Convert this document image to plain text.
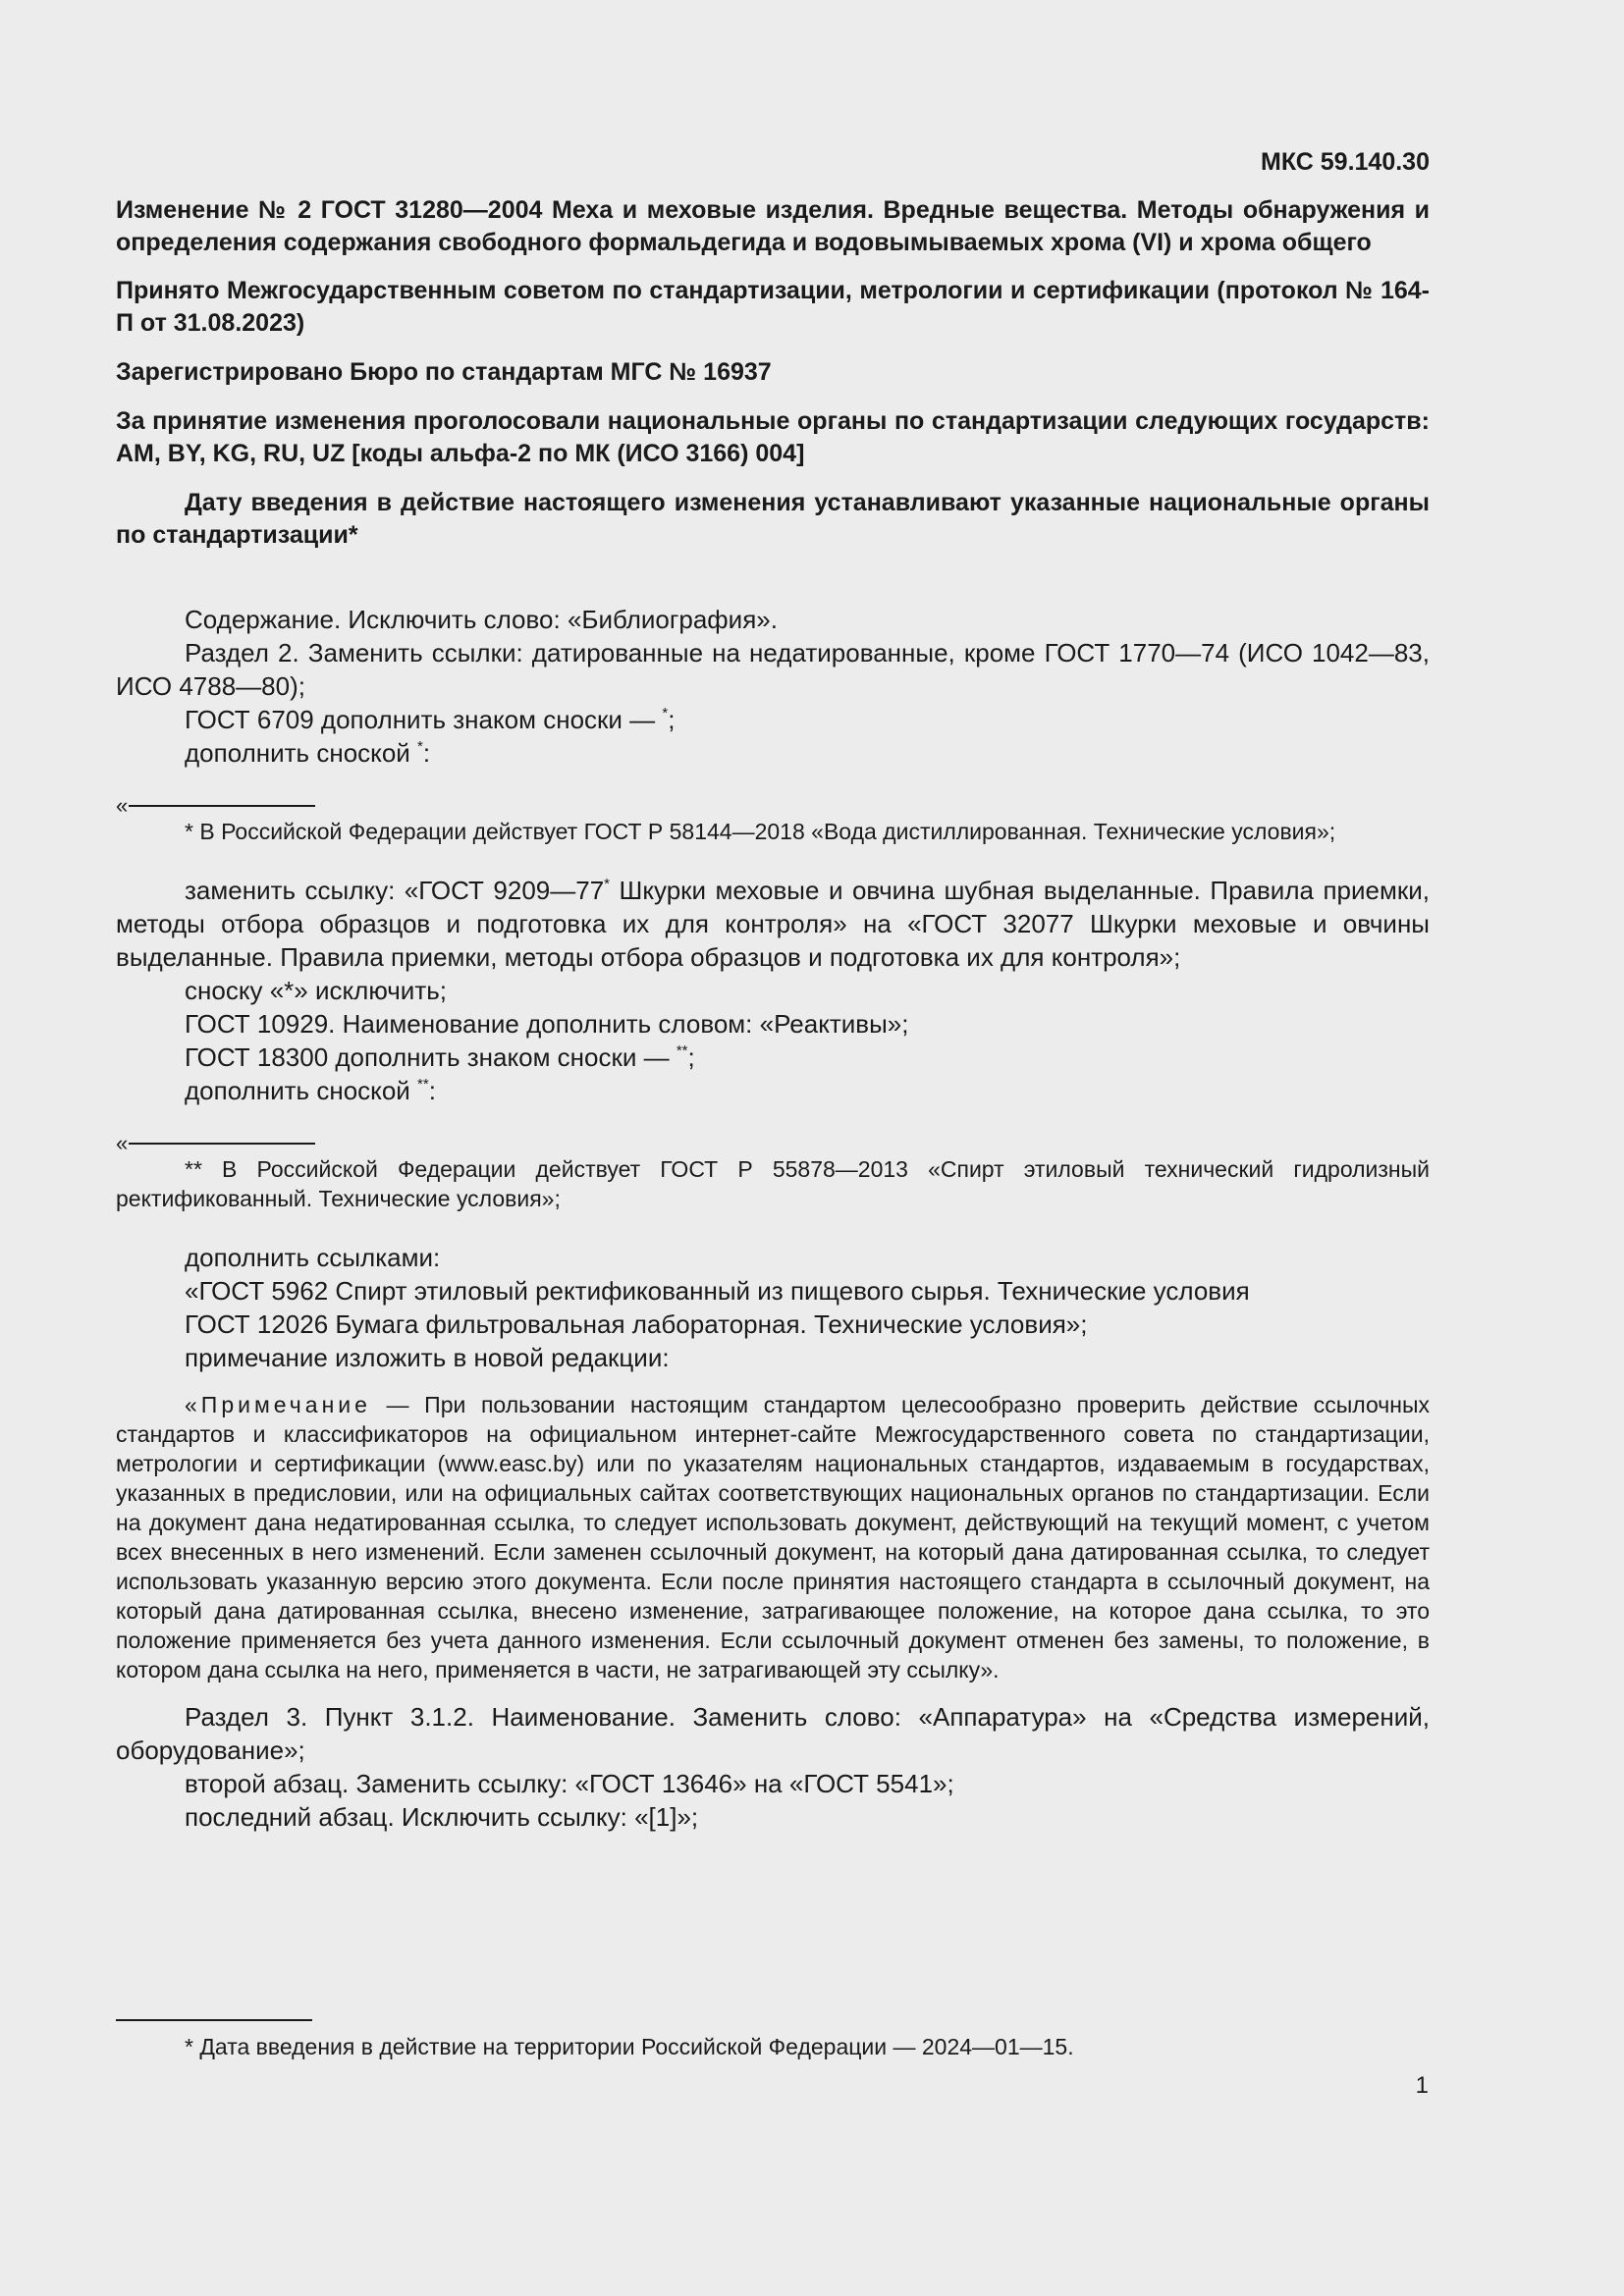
МКС 59.140.30

Изменение № 2 ГОСТ 31280—2004 Меха и меховые изделия. Вредные вещества. Методы обнаружения и определения содержания свободного формальдегида и водовымываемых хрома (VI) и хрома общего

Принято Межгосударственным советом по стандартизации, метрологии и сертификации (протокол № 164-П от 31.08.2023)

Зарегистрировано Бюро по стандартам МГС № 16937

За принятие изменения проголосовали национальные органы по стандартизации следующих государств: AM, BY, KG, RU, UZ [коды альфа-2 по МК (ИСО 3166) 004]

Дату введения в действие настоящего изменения устанавливают указанные национальные органы по стандартизации*

Содержание. Исключить слово: «Библиография».

Раздел 2. Заменить ссылки: датированные на недатированные, кроме ГОСТ 1770—74 (ИСО 1042—83, ИСО 4788—80);

ГОСТ 6709 дополнить знаком сноски — *;

дополнить сноской *:

«

* В Российской Федерации действует ГОСТ Р 58144—2018 «Вода дистиллированная. Технические условия»;

заменить ссылку: «ГОСТ 9209—77* Шкурки меховые и овчина шубная выделанные. Правила приемки, методы отбора образцов и подготовка их для контроля» на «ГОСТ 32077 Шкурки меховые и овчины выделанные. Правила приемки, методы отбора образцов и подготовка их для контроля»;

сноску «*» исключить;

ГОСТ 10929. Наименование дополнить словом: «Реактивы»;

ГОСТ 18300 дополнить знаком сноски — **;

дополнить сноской **:

«

** В Российской Федерации действует ГОСТ Р 55878—2013 «Спирт этиловый технический гидролизный ректификованный. Технические условия»;

дополнить ссылками:

«ГОСТ 5962 Спирт этиловый ректификованный из пищевого сырья. Технические условия

ГОСТ 12026 Бумага фильтровальная лабораторная. Технические условия»;

примечание изложить в новой редакции:

«Примечание — При пользовании настоящим стандартом целесообразно проверить действие ссылочных стандартов и классификаторов на официальном интернет-сайте Межгосударственного совета по стандартизации, метрологии и сертификации (www.easc.by) или по указателям национальных стандартов, издаваемым в государствах, указанных в предисловии, или на официальных сайтах соответствующих национальных органов по стандартизации. Если на документ дана недатированная ссылка, то следует использовать документ, действующий на текущий момент, с учетом всех внесенных в него изменений. Если заменен ссылочный документ, на который дана датированная ссылка, то следует использовать указанную версию этого документа. Если после принятия настоящего стандарта в ссылочный документ, на который дана датированная ссылка, внесено изменение, затрагивающее положение, на которое дана ссылка, то это положение применяется без учета данного изменения. Если ссылочный документ отменен без замены, то положение, в котором дана ссылка на него, применяется в части, не затрагивающей эту ссылку».

Раздел 3. Пункт 3.1.2. Наименование. Заменить слово: «Аппаратура» на «Средства измерений, оборудование»;

второй абзац. Заменить ссылку: «ГОСТ 13646» на «ГОСТ 5541»;

последний абзац. Исключить ссылку: «[1]»;

* Дата введения в действие на территории Российской Федерации — 2024—01—15.
1
